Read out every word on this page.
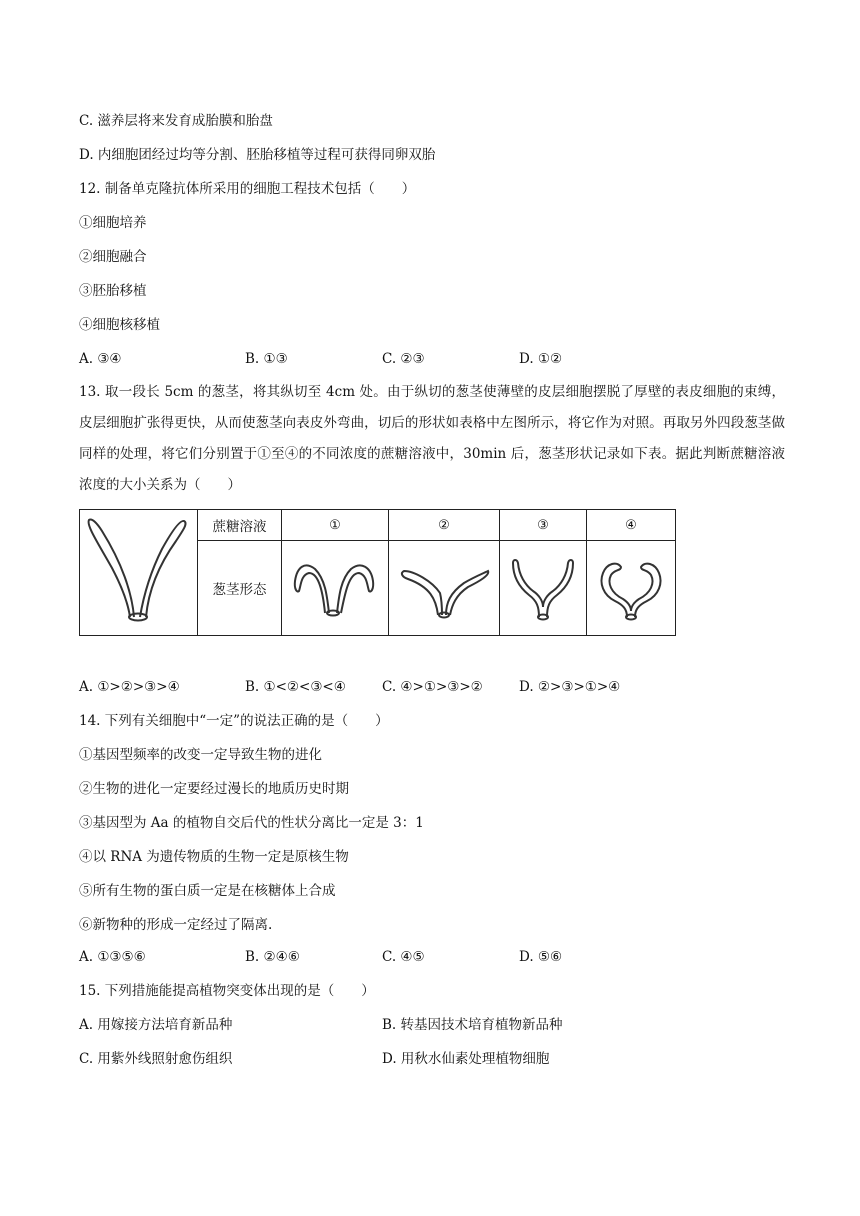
C. 滋养层将来发育成胎膜和胎盘
D. 内细胞团经过均等分割、胚胎移植等过程可获得同卵双胎
12. 制备单克隆抗体所采用的细胞工程技术包括（　　）
①细胞培养
②细胞融合
③胚胎移植
④细胞核移植
A. ③④	B. ①③	C. ②③	D. ①②
13. 取一段长 5cm 的葱茎，将其纵切至 4cm 处。由于纵切的葱茎使薄壁的皮层细胞摆脱了厚壁的表皮细胞的束缚，皮层细胞扩张得更快，从而使葱茎向表皮外弯曲，切后的形状如表格中左图所示，将它作为对照。再取另外四段葱茎做同样的处理，将它们分别置于①至④的不同浓度的蔗糖溶液中，30min 后，葱茎形状记录如下表。据此判断蔗糖溶液浓度的大小关系为（　　）
	蔗糖溶液	①	②	③	④
	葱茎形态	

A. ①>②>③>④	B. ①<②<③<④	C. ④>①>③>②	D. ②>③>①>④
14. 下列有关细胞中“一定”的说法正确的是（　　）
①基因型频率的改变一定导致生物的进化
②生物的进化一定要经过漫长的地质历史时期
③基因型为 Aa 的植物自交后代的性状分离比一定是 3：1
④以 RNA 为遗传物质的生物一定是原核生物
⑤所有生物的蛋白质一定是在核糖体上合成
⑥新物种的形成一定经过了隔离.
A. ①③⑤⑥	B. ②④⑥	C. ④⑤	D. ⑤⑥
15. 下列措施能提高植物突变体出现的是（　　）
A. 用嫁接方法培育新品种	B. 转基因技术培育植物新品种
C. 用紫外线照射愈伤组织	D. 用秋水仙素处理植物细胞
